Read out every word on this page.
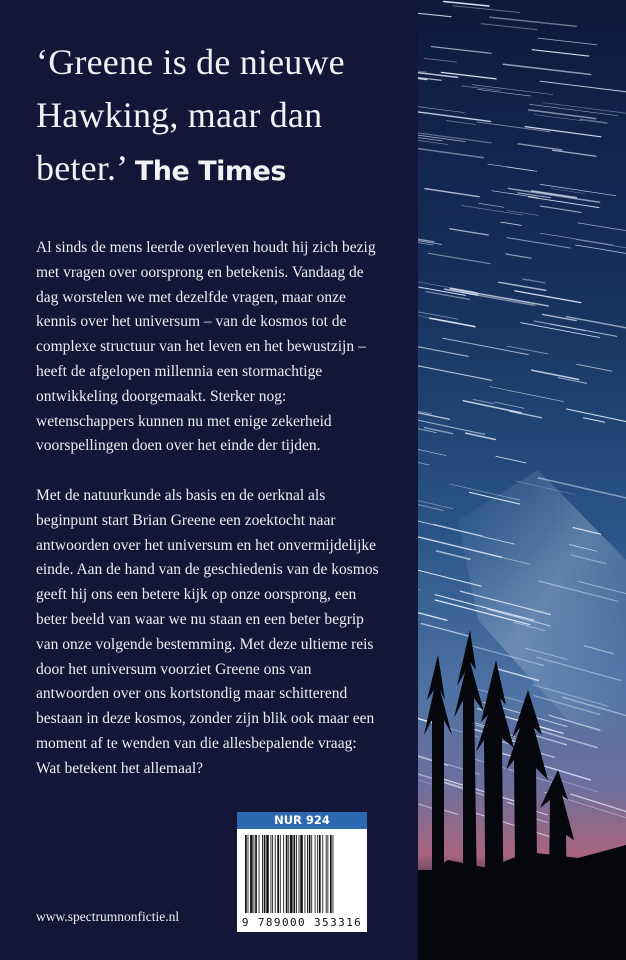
‘Greene is de nieuwe Hawking, maar dan beter.’ The Times

Al sinds de mens leerde overleven houdt hij zich bezig met vragen over oorsprong en betekenis. Vandaag de dag worstelen we met dezelfde vragen, maar onze kennis over het universum – van de kosmos tot de complexe structuur van het leven en het bewustzijn – heeft de afgelopen millennia een stormachtige ontwikkeling doorgemaakt. Sterker nog: wetenschappers kunnen nu met enige zekerheid voorspellingen doen over het einde der tijden.

Met de natuurkunde als basis en de oerknal als beginpunt start Brian Greene een zoektocht naar antwoorden over het universum en het onvermijdelijke einde. Aan de hand van de geschiedenis van de kosmos geeft hij ons een betere kijk op onze oorsprong, een beter beeld van waar we nu staan en een beter begrip van onze volgende bestemming. Met deze ultieme reis door het universum voorziet Greene ons van antwoorden over ons kortstondig maar schitterend bestaan in deze kosmos, zonder zijn blik ook maar een moment af te wenden van die allesbepalende vraag: Wat betekent het allemaal?

NUR 924
9 789000 353316

www.spectrumnonfictie.nl
